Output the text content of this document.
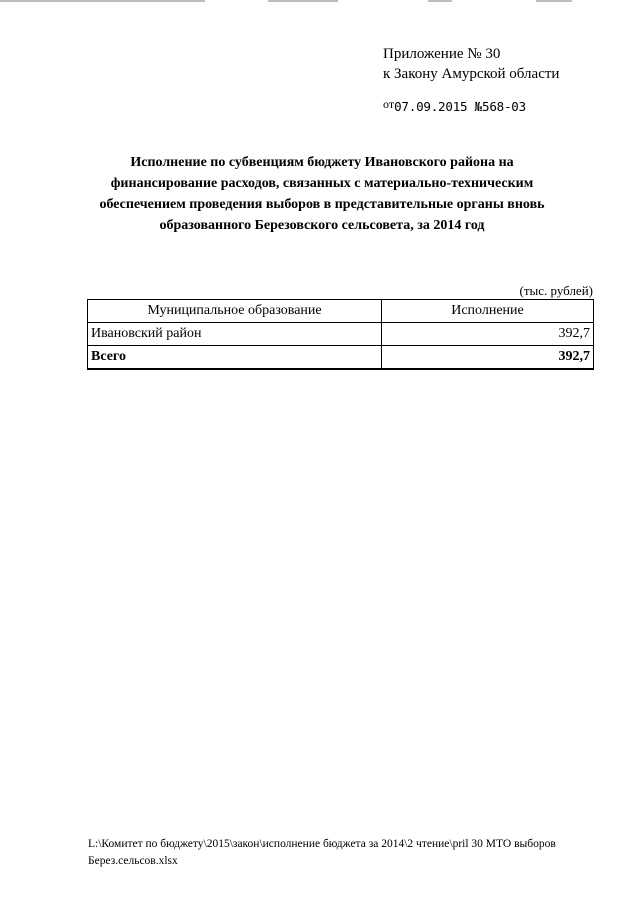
Приложение № 30
к Закону Амурской области
$^{от}$07.09.2015 №568-03
Исполнение по субвенциям бюджету Ивановского района на финансирование расходов, связанных с материально-техническим обеспечением проведения выборов в представительные органы вновь образованного Березовского сельсовета, за 2014 год
(тыс. рублей)
Муниципальное образование	Исполнение
Ивановский район	392,7
Всего	392,7
L:\Комитет по бюджету\2015\закон\исполнение бюджета за 2014\2 чтение\pril 30 МТО выборов
Берез.сельсов.xlsx
